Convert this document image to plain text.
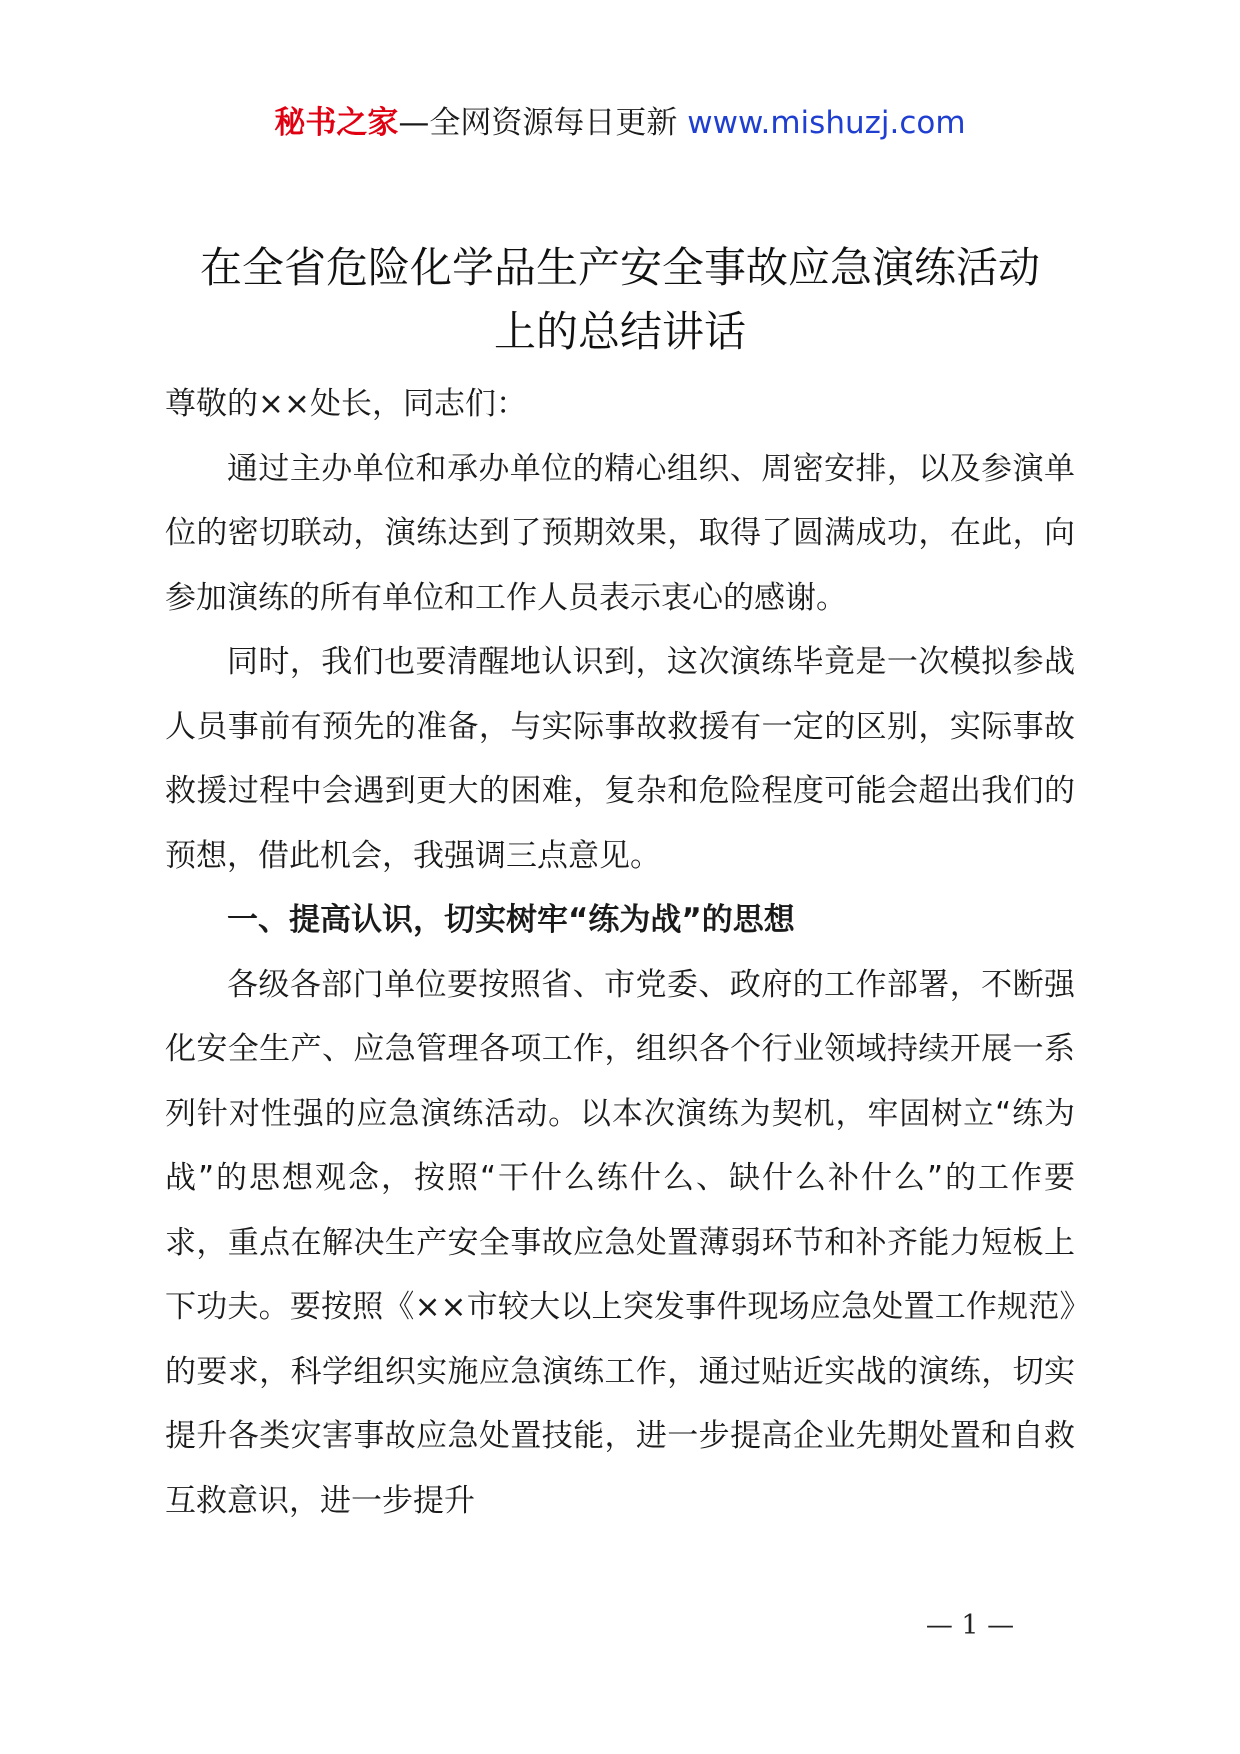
秘书之家—全网资源每日更新 www.mishuzj.com
在全省危险化学品生产安全事故应急演练活动
上的总结讲话

尊敬的××处长，同志们：

通过主办单位和承办单位的精心组织、周密安排，以及参演单位的密切联动，演练达到了预期效果，取得了圆满成功，在此，向参加演练的所有单位和工作人员表示衷心的感谢。

同时，我们也要清醒地认识到，这次演练毕竟是一次模拟参战人员事前有预先的准备，与实际事故救援有一定的区别，实际事故救援过程中会遇到更大的困难，复杂和危险程度可能会超出我们的预想，借此机会，我强调三点意见。

一、提高认识，切实树牢“练为战”的思想

各级各部门单位要按照省、市党委、政府的工作部署，不断强化安全生产、应急管理各项工作，组织各个行业领域持续开展一系列针对性强的应急演练活动。以本次演练为契机，牢固树立“练为战”的思想观念，按照“干什么练什么、缺什么补什么”的工作要求，重点在解决生产安全事故应急处置薄弱环节和补齐能力短板上下功夫。要按照《××市较大以上突发事件现场应急处置工作规范》的要求，科学组织实施应急演练工作，通过贴近实战的演练，切实提升各类灾害事故应急处置技能，进一步提高企业先期处置和自救互救意识，进一步提升

— 1 —
